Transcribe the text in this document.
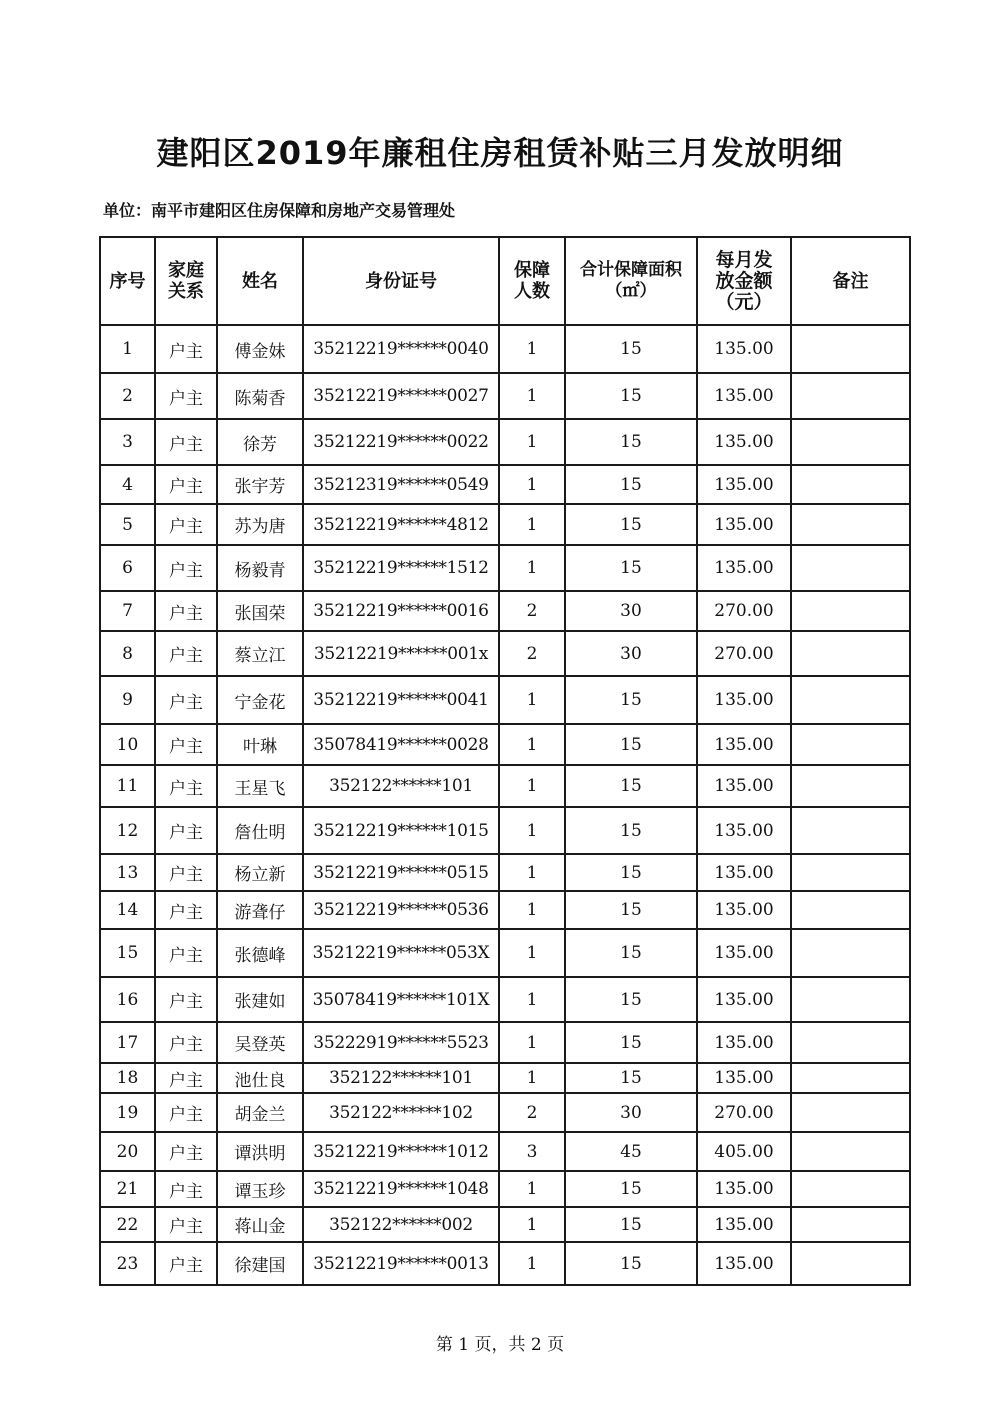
建阳区2019年廉租住房租赁补贴三月发放明细
单位：南平市建阳区住房保障和房地产交易管理处
序号	家庭关系	姓名	身份证号	保障人数	合计保障面积（㎡）	每月发放金额（元）	备注
1	户主	傅金妹	35212219******0040	1	15	135.00	
2	户主	陈菊香	35212219******0027	1	15	135.00	
3	户主	徐芳	35212219******0022	1	15	135.00	
4	户主	张宇芳	35212319******0549	1	15	135.00	
5	户主	苏为唐	35212219******4812	1	15	135.00	
6	户主	杨毅青	35212219******1512	1	15	135.00	
7	户主	张国荣	35212219******0016	2	30	270.00	
8	户主	蔡立江	35212219******001x	2	30	270.00	
9	户主	宁金花	35212219******0041	1	15	135.00	
10	户主	叶琳	35078419******0028	1	15	135.00	
11	户主	王星飞	352122******101	1	15	135.00	
12	户主	詹仕明	35212219******1015	1	15	135.00	
13	户主	杨立新	35212219******0515	1	15	135.00	
14	户主	游聋仔	35212219******0536	1	15	135.00	
15	户主	张德峰	35212219******053X	1	15	135.00	
16	户主	张建如	35078419******101X	1	15	135.00	
17	户主	吴登英	35222919******5523	1	15	135.00	
18	户主	池仕良	352122******101	1	15	135.00	
19	户主	胡金兰	352122******102	2	30	270.00	
20	户主	谭洪明	35212219******1012	3	45	405.00	
21	户主	谭玉珍	35212219******1048	1	15	135.00	
22	户主	蒋山金	352122******002	1	15	135.00	
23	户主	徐建国	35212219******0013	1	15	135.00	
第 1 页，共 2 页
